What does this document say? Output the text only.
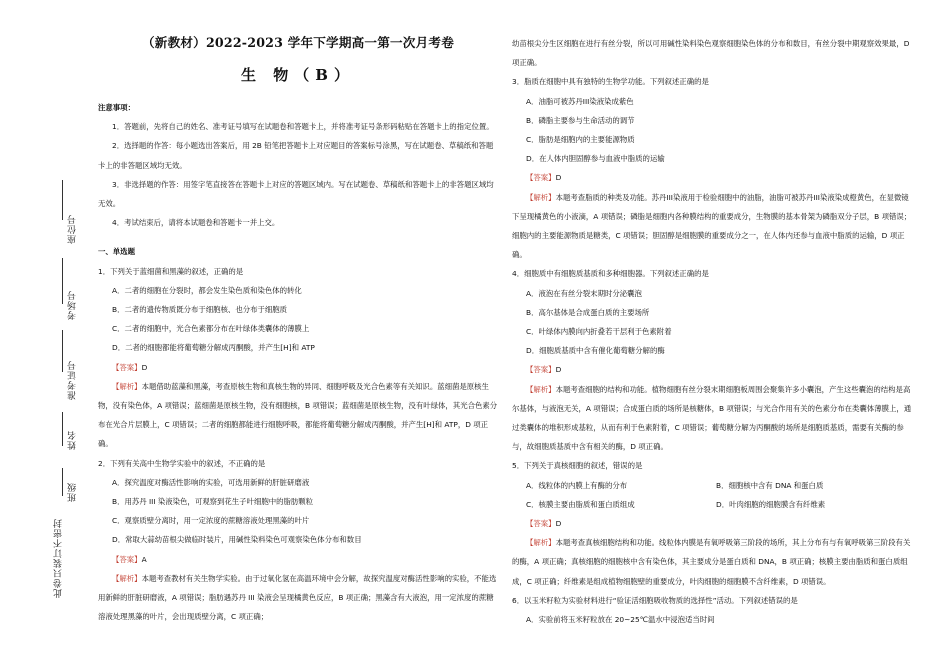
座位号
考场号
准考证号
姓名
班级
此卷只装订不密封
（新教材）2022-2023 学年下学期高一第一次月考卷
生 物（B）
注意事项：

1．答题前，先将自己的姓名、准考证号填写在试题卷和答题卡上，并将准考证号条形码粘贴在答题卡上的指定位置。

2．选择题的作答：每小题选出答案后，用 2B 铅笔把答题卡上对应题目的答案标号涂黑，写在试题卷、草稿纸和答题卡上的非答题区域均无效。

3．非选择题的作答：用签字笔直接答在答题卡上对应的答题区域内。写在试题卷、草稿纸和答题卡上的非答题区域均无效。

4．考试结束后，请将本试题卷和答题卡一并上交。

一、单选题

1．下列关于蓝细菌和黑藻的叙述，正确的是

A．二者的细胞在分裂时，都会发生染色质和染色体的转化

B．二者的遗传物质既分布于细胞核、也分布于细胞质

C．二者的细胞中，光合色素都分布在叶绿体类囊体的薄膜上

D．二者的细胞都能将葡萄糖分解成丙酮酸，并产生[H]和 ATP

【答案】D

【解析】本题借助蓝藻和黑藻，考查原核生物和真核生物的异同、细胞呼吸及光合色素等有关知识。蓝细菌是原核生物，没有染色体，A 项错误；蓝细菌是原核生物，没有细胞核，B 项错误；蓝细菌是原核生物，没有叶绿体，其光合色素分布在光合片层膜上，C 项错误；二者的细胞都能进行细胞呼吸，都能将葡萄糖分解成丙酮酸，并产生[H]和 ATP，D 项正确。

2．下列有关高中生物学实验中的叙述，不正确的是

A．探究温度对酶活性影响的实验，可选用新鲜的肝脏研磨液

B．用苏丹 III 染液染色，可观察到花生子叶细胞中的脂肪颗粒

C．观察质壁分离时，用一定浓度的蔗糖溶液处理黑藻的叶片

D．常取大蒜幼苗根尖做临时装片，用碱性染料染色可观察染色体分布和数目

【答案】A

【解析】本题考查教材有关生物学实验。由于过氧化氢在高温环境中会分解，故探究温度对酶活性影响的实验，不能选用新鲜的肝脏研磨液，A 项错误；脂肪遇苏丹 III 染液会呈现橘黄色反应，B 项正确；黑藻含有大液泡，用一定浓度的蔗糖溶液处理黑藻的叶片，会出现质壁分离，C 项正确；

幼苗根尖分生区细胞在进行有丝分裂，所以可用碱性染料染色观察细胞染色体的分布和数目，有丝分裂中期观察效果最，D 项正确。

3．脂质在细胞中具有独特的生物学功能。下列叙述正确的是

A．油脂可被苏丹III染液染成紫色

B．磷脂主要参与生命活动的调节

C．脂肪是细胞内的主要能源物质

D．在人体内胆固醇参与血液中脂质的运输

【答案】D

【解析】本题考查脂质的种类及功能。苏丹III染液用于检验细胞中的油脂，油脂可被苏丹III染液染成橙黄色，在显微镜下呈现橘黄色的小液滴，A 项错误；磷脂是细胞内各种膜结构的重要成分，生物膜的基本骨架为磷脂双分子层，B 项错误；细胞内的主要能源物质是糖类，C 项错误；胆固醇是细胞膜的重要成分之一，在人体内还参与血液中脂质的运输，D 项正确。

4．细胞质中有细胞质基质和多种细胞器。下列叙述正确的是

A．液泡在有丝分裂末期时分泌囊泡

B．高尔基体是合成蛋白质的主要场所

C．叶绿体内膜向内折叠若干层利于色素附着

D．细胞质基质中含有催化葡萄糖分解的酶

【答案】D

【解析】本题考查细胞的结构和功能。植物细胞有丝分裂末期细胞板周围会聚集许多小囊泡，产生这些囊泡的结构是高尔基体，与液泡无关，A 项错误；合成蛋白质的场所是核糖体，B 项错误；与光合作用有关的色素分布在类囊体薄膜上，通过类囊体的堆积形成基粒，从而有利于色素附着，C 项错误；葡萄糖分解为丙酮酸的场所是细胞质基质，需要有关酶的参与，故细胞质基质中含有相关的酶，D 项正确。

5．下列关于真核细胞的叙述，错误的是

A．线粒体的内膜上有酶的分布	B．细胞核中含有 DNA 和蛋白质
C．核膜主要由脂质和蛋白质组成	D．叶肉细胞的细胞膜含有纤维素

【答案】D

【解析】本题考查真核细胞结构和功能。线粒体内膜是有氧呼吸第三阶段的场所，其上分布有与有氧呼吸第三阶段有关的酶，A 项正确；真核细胞的细胞核中含有染色体，其主要成分是蛋白质和 DNA，B 项正确；核膜主要由脂质和蛋白质组成，C 项正确；纤维素是组成植物细胞壁的重要成分，叶肉细胞的细胞膜不含纤维素，D 项错误。

6．以玉米籽粒为实验材料进行“验证活细胞吸收物质的选择性”活动。下列叙述错误的是

A．实验前将玉米籽粒放在 20~25℃温水中浸泡适当时间
